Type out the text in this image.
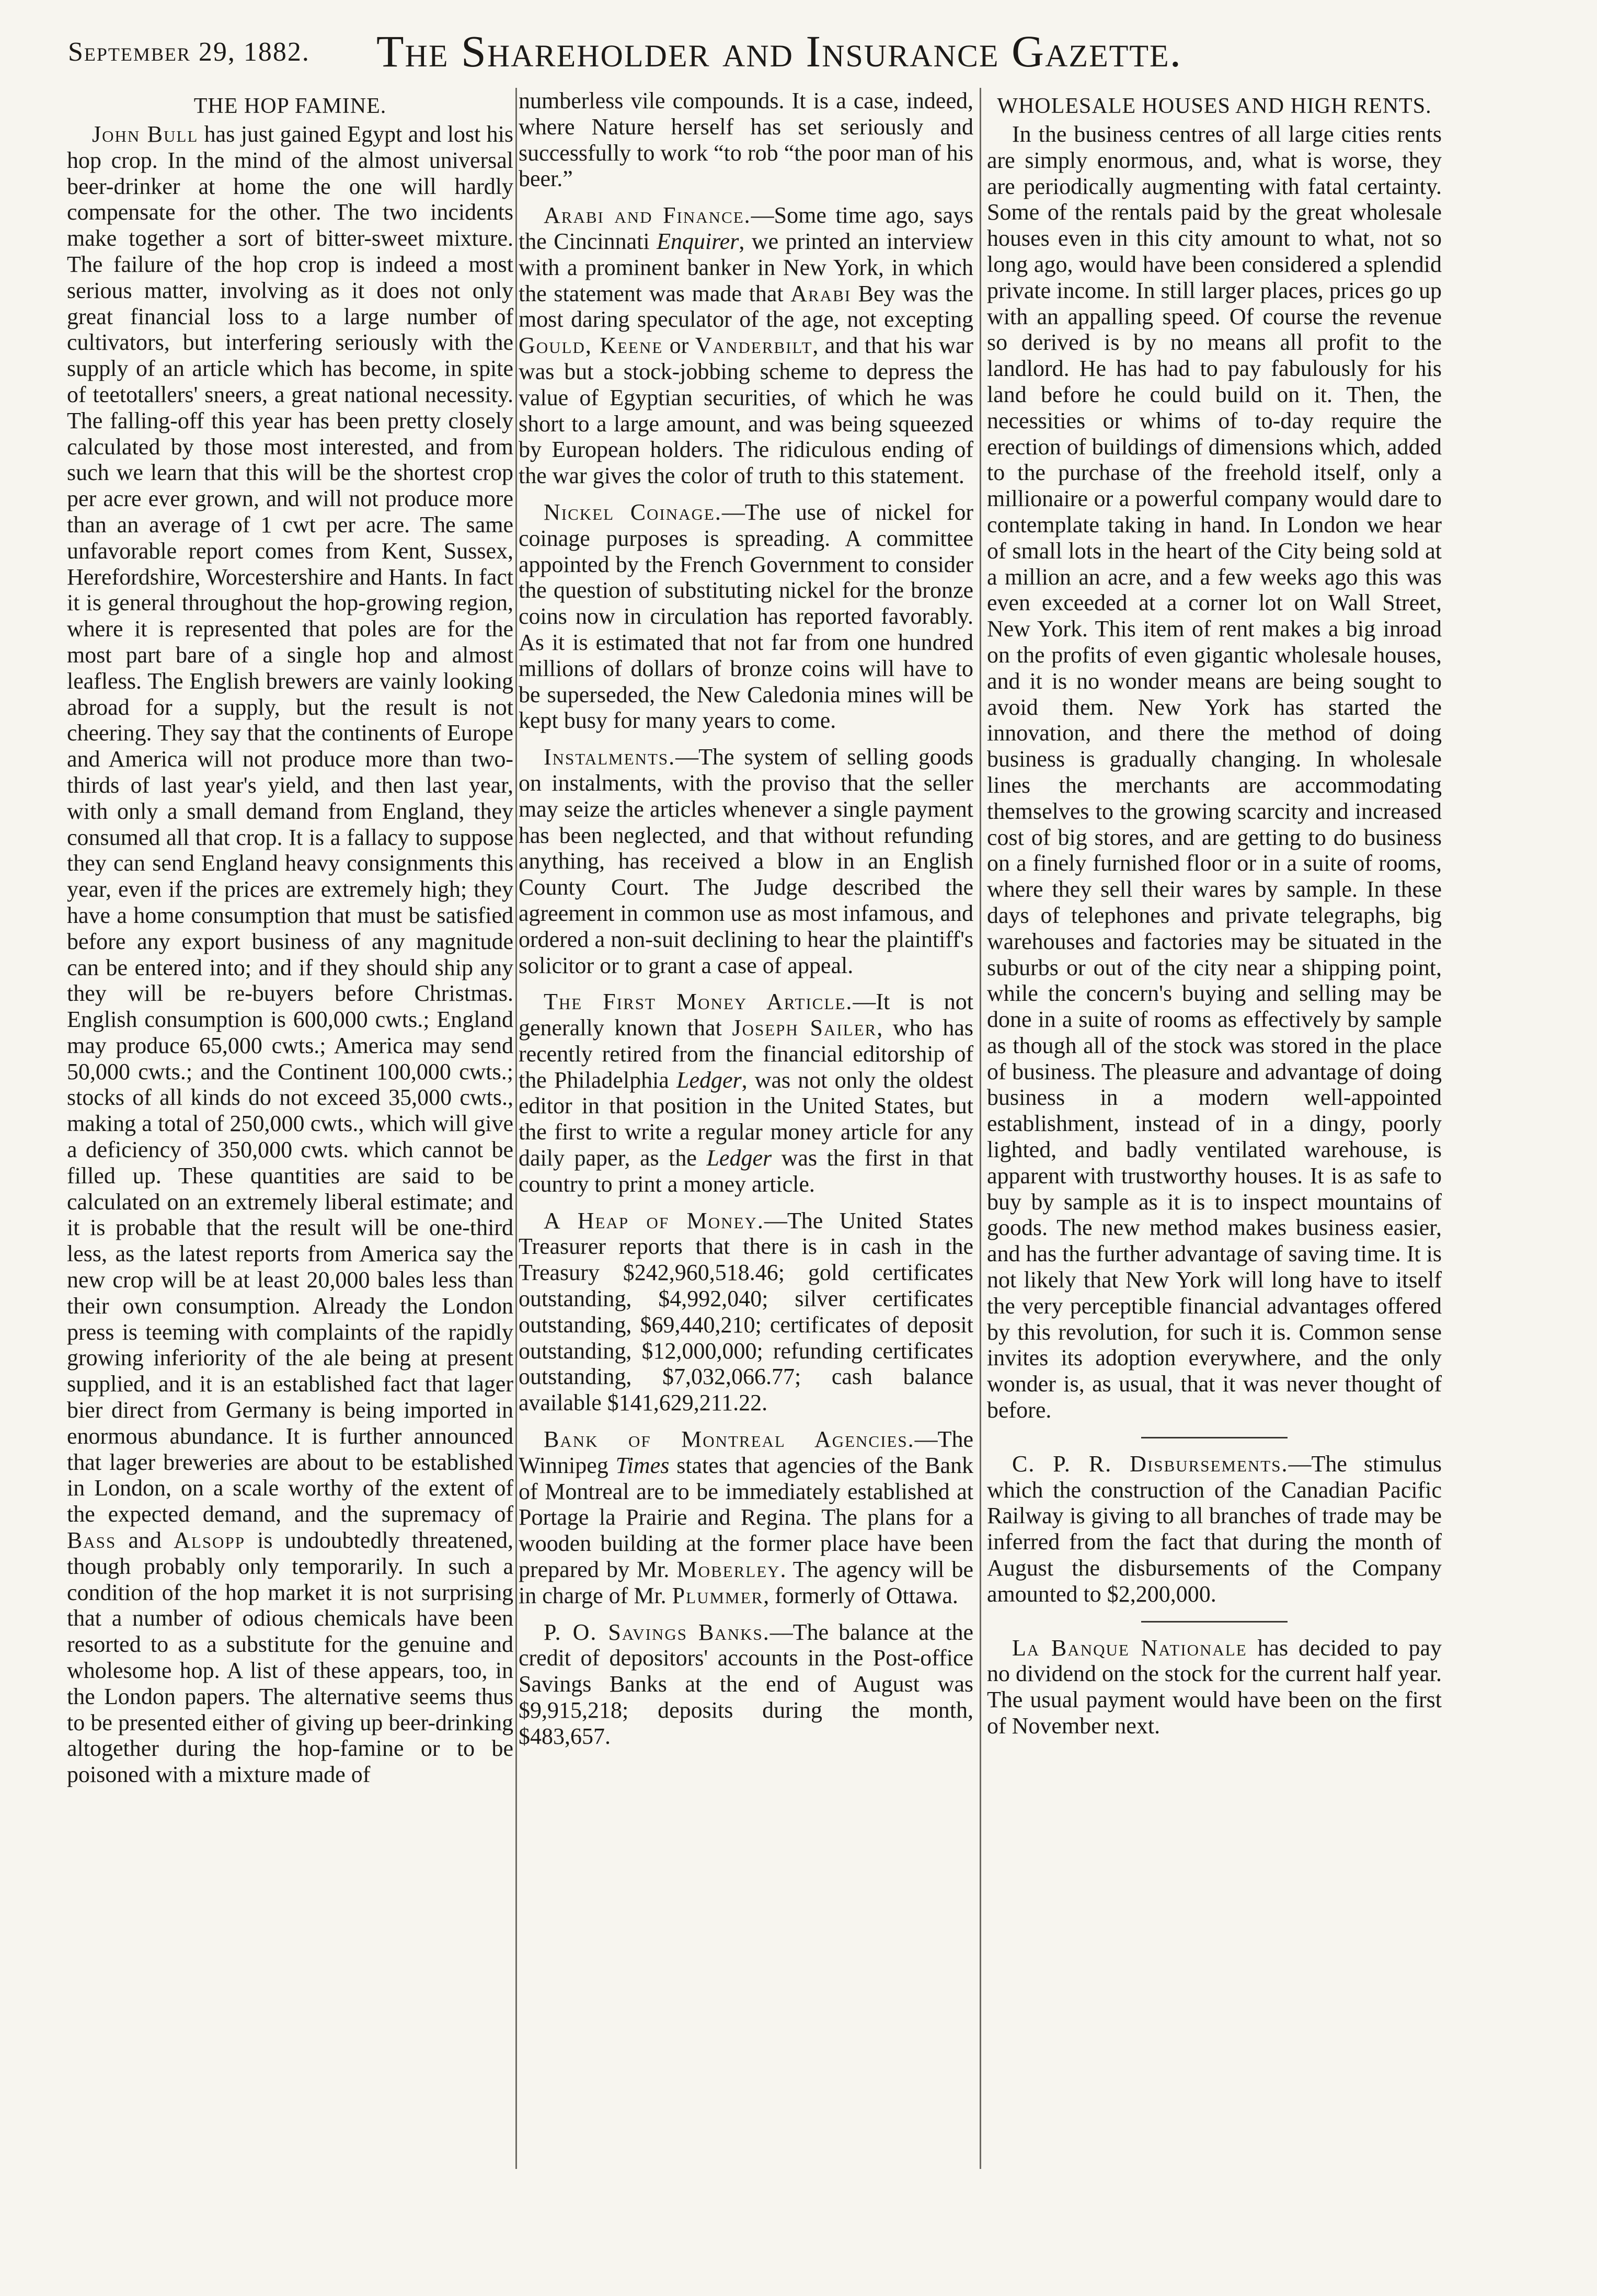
September 29, 1882. The Shareholder and Insurance Gazette.
THE HOP FAMINE.

John Bull has just gained Egypt and lost his hop crop. In the mind of the almost universal beer-drinker at home the one will hardly compensate for the other. The two incidents make together a sort of bitter-sweet mixture. The failure of the hop crop is indeed a most serious matter, involving as it does not only great financial loss to a large number of cultivators, but interfering seriously with the supply of an article which has become, in spite of teetotallers' sneers, a great national necessity. The falling-off this year has been pretty closely calculated by those most interested, and from such we learn that this will be the shortest crop per acre ever grown, and will not produce more than an average of 1 cwt per acre. The same unfavorable report comes from Kent, Sussex, Herefordshire, Worcestershire and Hants. In fact it is general throughout the hop-growing region, where it is represented that poles are for the most part bare of a single hop and almost leafless. The English brewers are vainly looking abroad for a supply, but the result is not cheering. They say that the continents of Europe and America will not produce more than two-thirds of last year's yield, and then last year, with only a small demand from England, they consumed all that crop. It is a fallacy to suppose they can send England heavy consignments this year, even if the prices are extremely high; they have a home consumption that must be satisfied before any export business of any magnitude can be entered into; and if they should ship any they will be re-buyers before Christmas. English consumption is 600,000 cwts.; England may produce 65,000 cwts.; America may send 50,000 cwts.; and the Continent 100,000 cwts.; stocks of all kinds do not exceed 35,000 cwts., making a total of 250,000 cwts., which will give a deficiency of 350,000 cwts. which cannot be filled up. These quantities are said to be calculated on an extremely liberal estimate; and it is probable that the result will be one-third less, as the latest reports from America say the new crop will be at least 20,000 bales less than their own consumption. Already the London press is teeming with complaints of the rapidly growing inferiority of the ale being at present supplied, and it is an established fact that lager bier direct from Germany is being imported in enormous abundance. It is further announced that lager breweries are about to be established in London, on a scale worthy of the extent of the expected demand, and the supremacy of Bass and Alsopp is undoubtedly threatened, though probably only temporarily. In such a condition of the hop market it is not surprising that a number of odious chemicals have been resorted to as a substitute for the genuine and wholesome hop. A list of these appears, too, in the London papers. The alternative seems thus to be presented either of giving up beer-drinking altogether during the hop-famine or to be poisoned with a mixture made of

numberless vile compounds. It is a case, indeed, where Nature herself has set seriously and successfully to work “to rob “the poor man of his beer.”

Arabi and Finance.—Some time ago, says the Cincinnati Enquirer, we printed an interview with a prominent banker in New York, in which the statement was made that Arabi Bey was the most daring speculator of the age, not excepting Gould, Keene or Vanderbilt, and that his war was but a stock-jobbing scheme to depress the value of Egyptian securities, of which he was short to a large amount, and was being squeezed by European holders. The ridiculous ending of the war gives the color of truth to this statement.

Nickel Coinage.—The use of nickel for coinage purposes is spreading. A committee appointed by the French Government to consider the question of substituting nickel for the bronze coins now in circulation has reported favorably. As it is estimated that not far from one hundred millions of dollars of bronze coins will have to be superseded, the New Caledonia mines will be kept busy for many years to come.

Instalments.—The system of selling goods on instalments, with the proviso that the seller may seize the articles whenever a single payment has been neglected, and that without refunding anything, has received a blow in an English County Court. The Judge described the agreement in common use as most infamous, and ordered a non-suit declining to hear the plaintiff's solicitor or to grant a case of appeal.

The First Money Article.—It is not generally known that Joseph Sailer, who has recently retired from the financial editorship of the Philadelphia Ledger, was not only the oldest editor in that position in the United States, but the first to write a regular money article for any daily paper, as the Ledger was the first in that country to print a money article.

A Heap of Money.—The United States Treasurer reports that there is in cash in the Treasury $242,960,518.46; gold certificates outstanding, $4,992,040; silver certificates outstanding, $69,440,210; certificates of deposit outstanding, $12,000,000; refunding certificates outstanding, $7,032,066.77; cash balance available $141,629,211.22.

Bank of Montreal Agencies.—The Winnipeg Times states that agencies of the Bank of Montreal are to be immediately established at Portage la Prairie and Regina. The plans for a wooden building at the former place have been prepared by Mr. Moberley. The agency will be in charge of Mr. Plummer, formerly of Ottawa.

P. O. Savings Banks.—The balance at the credit of depositors' accounts in the Post-office Savings Banks at the end of August was $9,915,218; deposits during the month, $483,657.

WHOLESALE HOUSES AND HIGH RENTS.

In the business centres of all large cities rents are simply enormous, and, what is worse, they are periodically augmenting with fatal certainty. Some of the rentals paid by the great wholesale houses even in this city amount to what, not so long ago, would have been considered a splendid private income. In still larger places, prices go up with an appalling speed. Of course the revenue so derived is by no means all profit to the landlord. He has had to pay fabulously for his land before he could build on it. Then, the necessities or whims of to-day require the erection of buildings of dimensions which, added to the purchase of the freehold itself, only a millionaire or a powerful company would dare to contemplate taking in hand. In London we hear of small lots in the heart of the City being sold at a million an acre, and a few weeks ago this was even exceeded at a corner lot on Wall Street, New York. This item of rent makes a big inroad on the profits of even gigantic wholesale houses, and it is no wonder means are being sought to avoid them. New York has started the innovation, and there the method of doing business is gradually changing. In wholesale lines the merchants are accommodating themselves to the growing scarcity and increased cost of big stores, and are getting to do business on a finely furnished floor or in a suite of rooms, where they sell their wares by sample. In these days of telephones and private telegraphs, big warehouses and factories may be situated in the suburbs or out of the city near a shipping point, while the concern's buying and selling may be done in a suite of rooms as effectively by sample as though all of the stock was stored in the place of business. The pleasure and advantage of doing business in a modern well-appointed establishment, instead of in a dingy, poorly lighted, and badly ventilated warehouse, is apparent with trustworthy houses. It is as safe to buy by sample as it is to inspect mountains of goods. The new method makes business easier, and has the further advantage of saving time. It is not likely that New York will long have to itself the very perceptible financial advantages offered by this revolution, for such it is. Common sense invites its adoption everywhere, and the only wonder is, as usual, that it was never thought of before.

C. P. R. Disbursements.—The stimulus which the construction of the Canadian Pacific Railway is giving to all branches of trade may be inferred from the fact that during the month of August the disbursements of the Company amounted to $2,200,000.

La Banque Nationale has decided to pay no dividend on the stock for the current half year. The usual payment would have been on the first of November next.
